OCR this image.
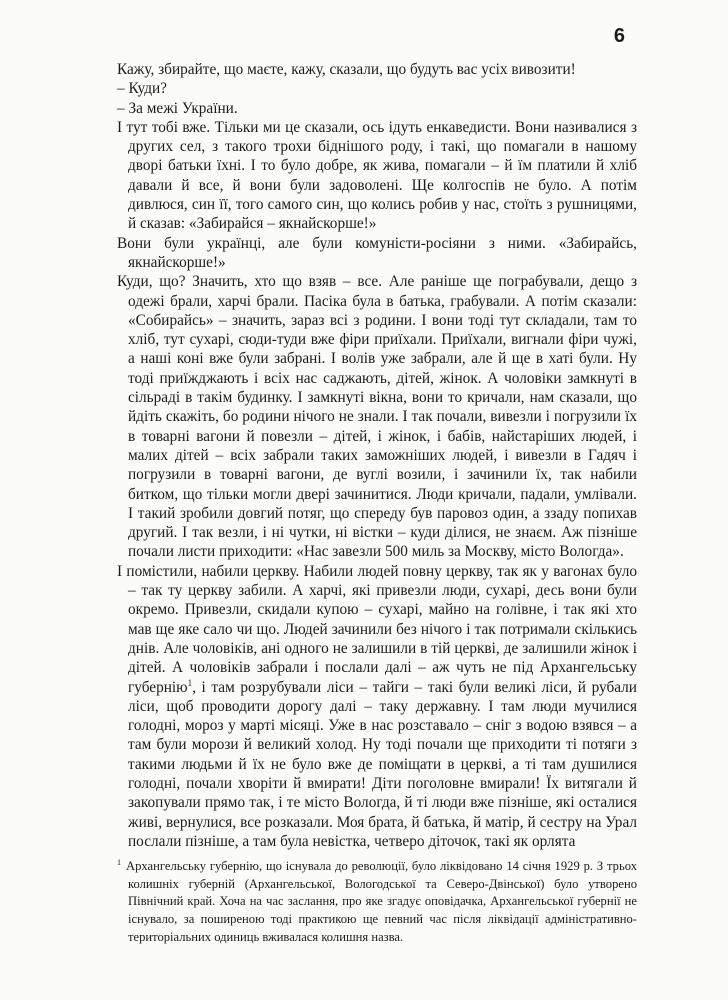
6

Кажу, збирайте, що маєте, кажу, сказали, що будуть вас усіх вивозити!

– Куди?

– За межі України.

І тут тобі вже. Тільки ми це сказали, ось ідуть енкаведисти. Вони називалися з других сел, з такого трохи біднішого роду, і такі, що помагали в нашому дворі батьки їхні. І то було добре, як жива, помагали – й їм платили й хліб давали й все, й вони були задоволені. Ще колгоспів не було. А потім дивлюся, син її, того самого син, що колись робив у нас, стоїть з рушницями, й сказав: «Забирайся – якнайскорше!»

Вони були українці, але були комуністи-росіяни з ними. «Забирайсь, якнайскорше!»

Куди, що? Значить, хто що взяв – все. Але раніше ще пограбували, дещо з одежі брали, харчі брали. Пасіка була в батька, грабували. А потім сказали: «Собирайсь» – значить, зараз всі з родини. І вони тоді тут складали, там то хліб, тут сухарі, сюди-туди вже фіри приїхали. Приїхали, вигнали фіри чужі, а наші коні вже були забрані. І волів уже забрали, але й ще в хаті були. Ну тоді приїжджають і всіх нас саджають, дітей, жінок. А чоловіки замкнуті в сільраді в такім будинку. І замкнуті вікна, вони то кричали, нам сказали, що йдіть скажіть, бо родини нічого не знали. І так почали, вивезли і погрузили їх в товарні вагони й повезли – дітей, і жінок, і бабів, найстаріших людей, і малих дітей – всіх забрали таких заможніших людей, і вивезли в Гадяч і погрузили в товарні вагони, де вуглі возили, і зачинили їх, так набили битком, що тільки могли двері зачинитися. Люди кричали, падали, умлівали. І такий зробили довгий потяг, що спереду був паровоз один, а ззаду попихав другий. І так везли, і ні чутки, ні вістки – куди ділися, не знаєм. Аж пізніше почали листи приходити: «Нас завезли 500 миль за Москву, місто Вологда».

І помістили, набили церкву. Набили людей повну церкву, так як у вагонах було – так ту церкву забили. А харчі, які привезли люди, сухарі, десь вони були окремо. Привезли, скидали купою – сухарі, майно на голівне, і так які хто мав ще яке сало чи що. Людей зачинили без нічого і так потримали скількись днів. Але чоловіків, ані одного не залишили в тій церкві, де залишили жінок і дітей. А чоловіків забрали і послали далі – аж чуть не під Архангельську губернію$^1$, і там розрубували ліси – тайги – такі були великі ліси, й рубали ліси, щоб проводити дорогу далі – таку державну. І там люди мучилися голодні, мороз у марті місяці. Уже в нас розставало – сніг з водою взявся – а там були морози й великий холод. Ну тоді почали ще приходити ті потяги з такими людьми й їх не було вже де поміщати в церкві, а ті там душилися голодні, почали хворіти й вмирати! Діти поголовне вмирали! Їх витягали й закопували прямо так, і те місто Вологда, й ті люди вже пізніше, які осталися живі, вернулися, все розказали. Моя брата, й батька, й матір, й сестру на Урал послали пізніше, а там була невістка, четверо діточок, такі як орлята

$^1$ Архангельську губернію, що існувала до революції, було ліквідовано 14 січня 1929 р. З трьох колишніх губерній (Архангельської, Вологодської та Северо-Двінської) було утворено Північний край. Хоча на час заслання, про яке згадує оповідачка, Архангельської губернії не існувало, за поширеною тоді практикою ще певний час після ліквідації адміністративно-територіальних одиниць вживалася колишня назва.
